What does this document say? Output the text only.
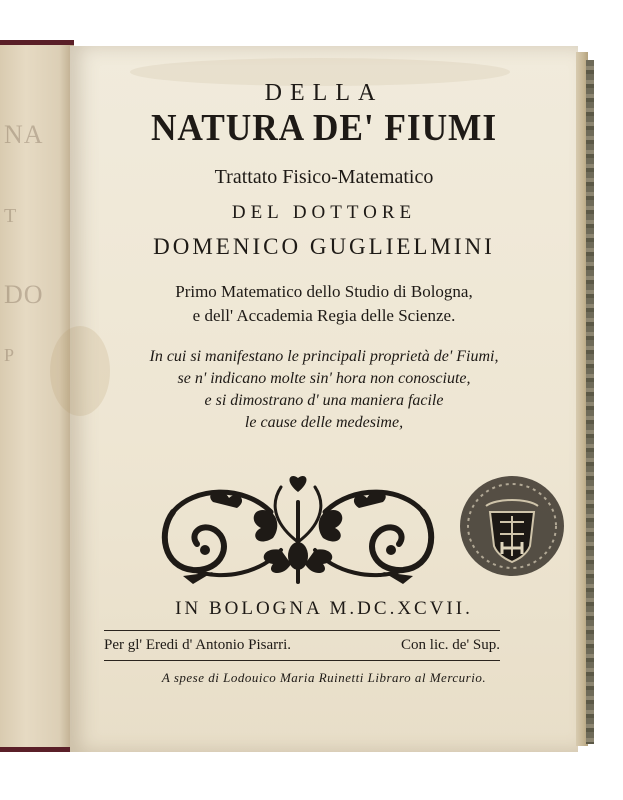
NA
T
DO
P
DELLA
NATURA DE' FIUMI
Trattato Fisico-Matematico
DEL DOTTORE
DOMENICO GUGLIELMINI
Primo Matematico dello Studio di Bologna,
e dell' Accademia Regia delle Scienze.
In cui si manifestano le principali proprietà de' Fiumi,
se n' indicano molte sin' hora non conosciute,
e si dimostrano d' una maniera facile
le cause delle medesime,
IN BOLOGNA M.DC.XCVII.
Per gl' Eredi d' Antonio Pisarri.	Con lic. de' Sup.
A spese di Lodouico Maria Ruinetti Libraro al Mercurio.
